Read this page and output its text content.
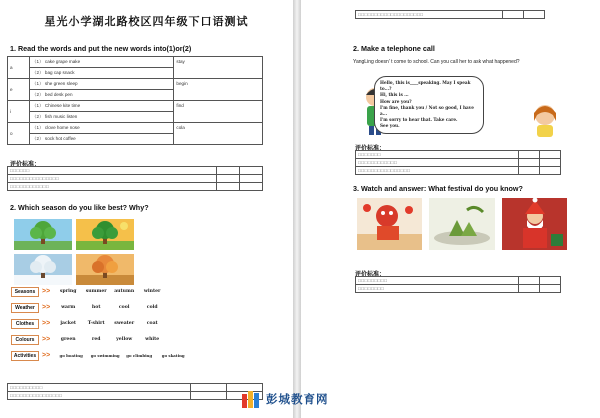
星光小学湖北路校区四年级下口语测试
1. Read the words and put the new words into(1)or(2)
a	（1） cake grape make	stay
	（2） bag cap snack	
e	（1） she green sleep	begin
	（2） bed desk pen	
i	（1） Chinese kite time	find
	（2） fish music listen	
o	（1） clove home nose	cola
	（2） sock hot coffee	
评价标准：
□□□□□□		
□□□□□□□□□□□□□□□		
□□□□□□□□□□□□		
2. Which season do you like best? Why?
Seasons >>	spring	summer	autumn	winter
Weather	>>	warm	hot	cool	cold
Clothes	>>	jacket	T-shirt	sweater	coat
Colours	>>	green	red	yellow	white
Activities >>	go boating	go swimming	go climbing	go skating
□□□□□□□□□□		
□□□□□□□□□□□□□□□□		
□□□□□□□□□□□□□□□□□□□□		
2. Make a telephone call
YangLing doesn' t come to school. Can you call her to ask what happened?
Hello, this is____speaking. May I speak to...?
Hi, this is ...
How are you?
I'm fine, thank you / Not so good, I have a...
I'm sorry to hear that. Take care.
See you.
评价标准：
□□□□□□□		
□□□□□□□□□□□□		
□□□□□□□□□□□□□□□□		
3. Watch and answer: What festival do you know?
评价标准：
□□□□□□□□□		
□□□□□□□□		
彭城教育网
